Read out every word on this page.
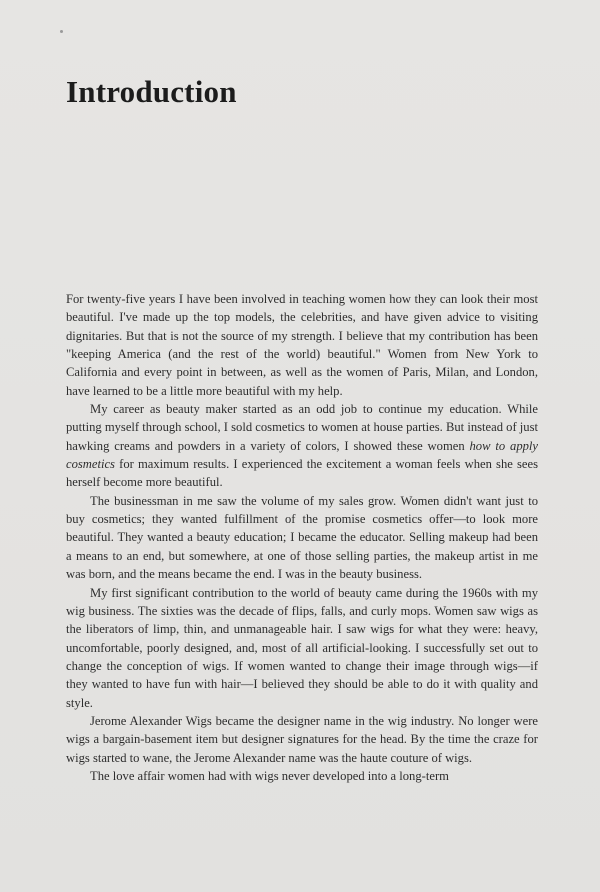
Introduction

For twenty-five years I have been involved in teaching women how they can look their most beautiful. I've made up the top models, the celebrities, and have given advice to visiting dignitaries. But that is not the source of my strength. I believe that my contribution has been "keeping America (and the rest of the world) beautiful." Women from New York to California and every point in between, as well as the women of Paris, Milan, and London, have learned to be a little more beautiful with my help.

My career as beauty maker started as an odd job to continue my education. While putting myself through school, I sold cosmetics to women at house parties. But instead of just hawking creams and powders in a variety of colors, I showed these women how to apply cosmetics for maximum results. I experienced the excitement a woman feels when she sees herself become more beautiful.

The businessman in me saw the volume of my sales grow. Women didn't want just to buy cosmetics; they wanted fulfillment of the promise cosmetics offer—to look more beautiful. They wanted a beauty education; I became the educator. Selling makeup had been a means to an end, but somewhere, at one of those selling parties, the makeup artist in me was born, and the means became the end. I was in the beauty business.

My first significant contribution to the world of beauty came during the 1960s with my wig business. The sixties was the decade of flips, falls, and curly mops. Women saw wigs as the liberators of limp, thin, and unmanageable hair. I saw wigs for what they were: heavy, uncomfortable, poorly designed, and, most of all artificial-looking. I successfully set out to change the conception of wigs. If women wanted to change their image through wigs—if they wanted to have fun with hair—I believed they should be able to do it with quality and style.

Jerome Alexander Wigs became the designer name in the wig industry. No longer were wigs a bargain-basement item but designer signatures for the head. By the time the craze for wigs started to wane, the Jerome Alexander name was the haute couture of wigs.

The love affair women had with wigs never developed into a long-term
